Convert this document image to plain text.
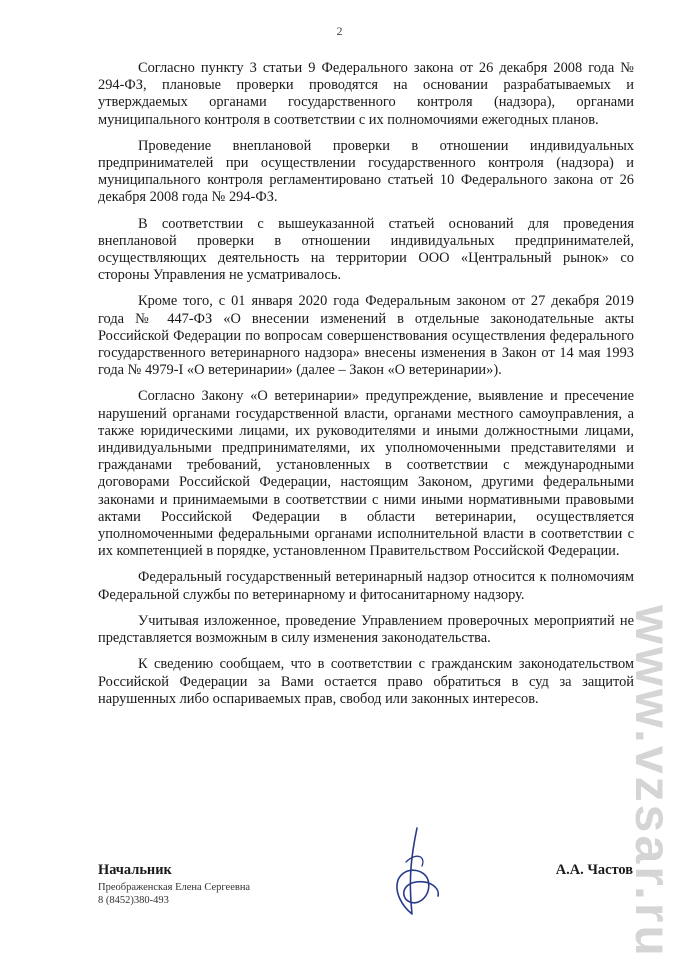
2

Согласно пункту 3 статьи 9 Федерального закона от 26 декабря 2008 года № 294-ФЗ, плановые проверки проводятся на основании разрабатываемых и утверждаемых органами государственного контроля (надзора), органами муниципального контроля в соответствии с их полномочиями ежегодных планов.

Проведение внеплановой проверки в отношении индивидуальных предпринимателей при осуществлении государственного контроля (надзора) и муниципального контроля регламентировано статьей 10 Федерального закона от 26 декабря 2008 года № 294-ФЗ.

В соответствии с вышеуказанной статьей оснований для проведения внеплановой проверки в отношении индивидуальных предпринимателей, осуществляющих деятельность на территории ООО «Центральный рынок» со стороны Управления не усматривалось.

Кроме того, с 01 января 2020 года Федеральным законом от 27 декабря 2019 года № 447-ФЗ «О внесении изменений в отдельные законодательные акты Российской Федерации по вопросам совершенствования осуществления федерального государственного ветеринарного надзора» внесены изменения в Закон от 14 мая 1993 года № 4979-I «О ветеринарии» (далее – Закон «О ветеринарии»).

Согласно Закону «О ветеринарии» предупреждение, выявление и пресечение нарушений органами государственной власти, органами местного самоуправления, а также юридическими лицами, их руководителями и иными должностными лицами, индивидуальными предпринимателями, их уполномоченными представителями и гражданами требований, установленных в соответствии с международными договорами Российской Федерации, настоящим Законом, другими федеральными законами и принимаемыми в соответствии с ними иными нормативными правовыми актами Российской Федерации в области ветеринарии, осуществляется уполномоченными федеральными органами исполнительной власти в соответствии с их компетенцией в порядке, установленном Правительством Российской Федерации.

Федеральный государственный ветеринарный надзор относится к полномочиям Федеральной службы по ветеринарному и фитосанитарному надзору.

Учитывая изложенное, проведение Управлением проверочных мероприятий не представляется возможным в силу изменения законодательства.

К сведению сообщаем, что в соответствии с гражданским законодательством Российской Федерации за Вами остается право обратиться в суд за защитой нарушенных либо оспариваемых прав, свобод или законных интересов.

Начальник	А.А. Частов
Преображенская Елена Сергеевна
8 (8452)380-493	www.vzsar.ru
